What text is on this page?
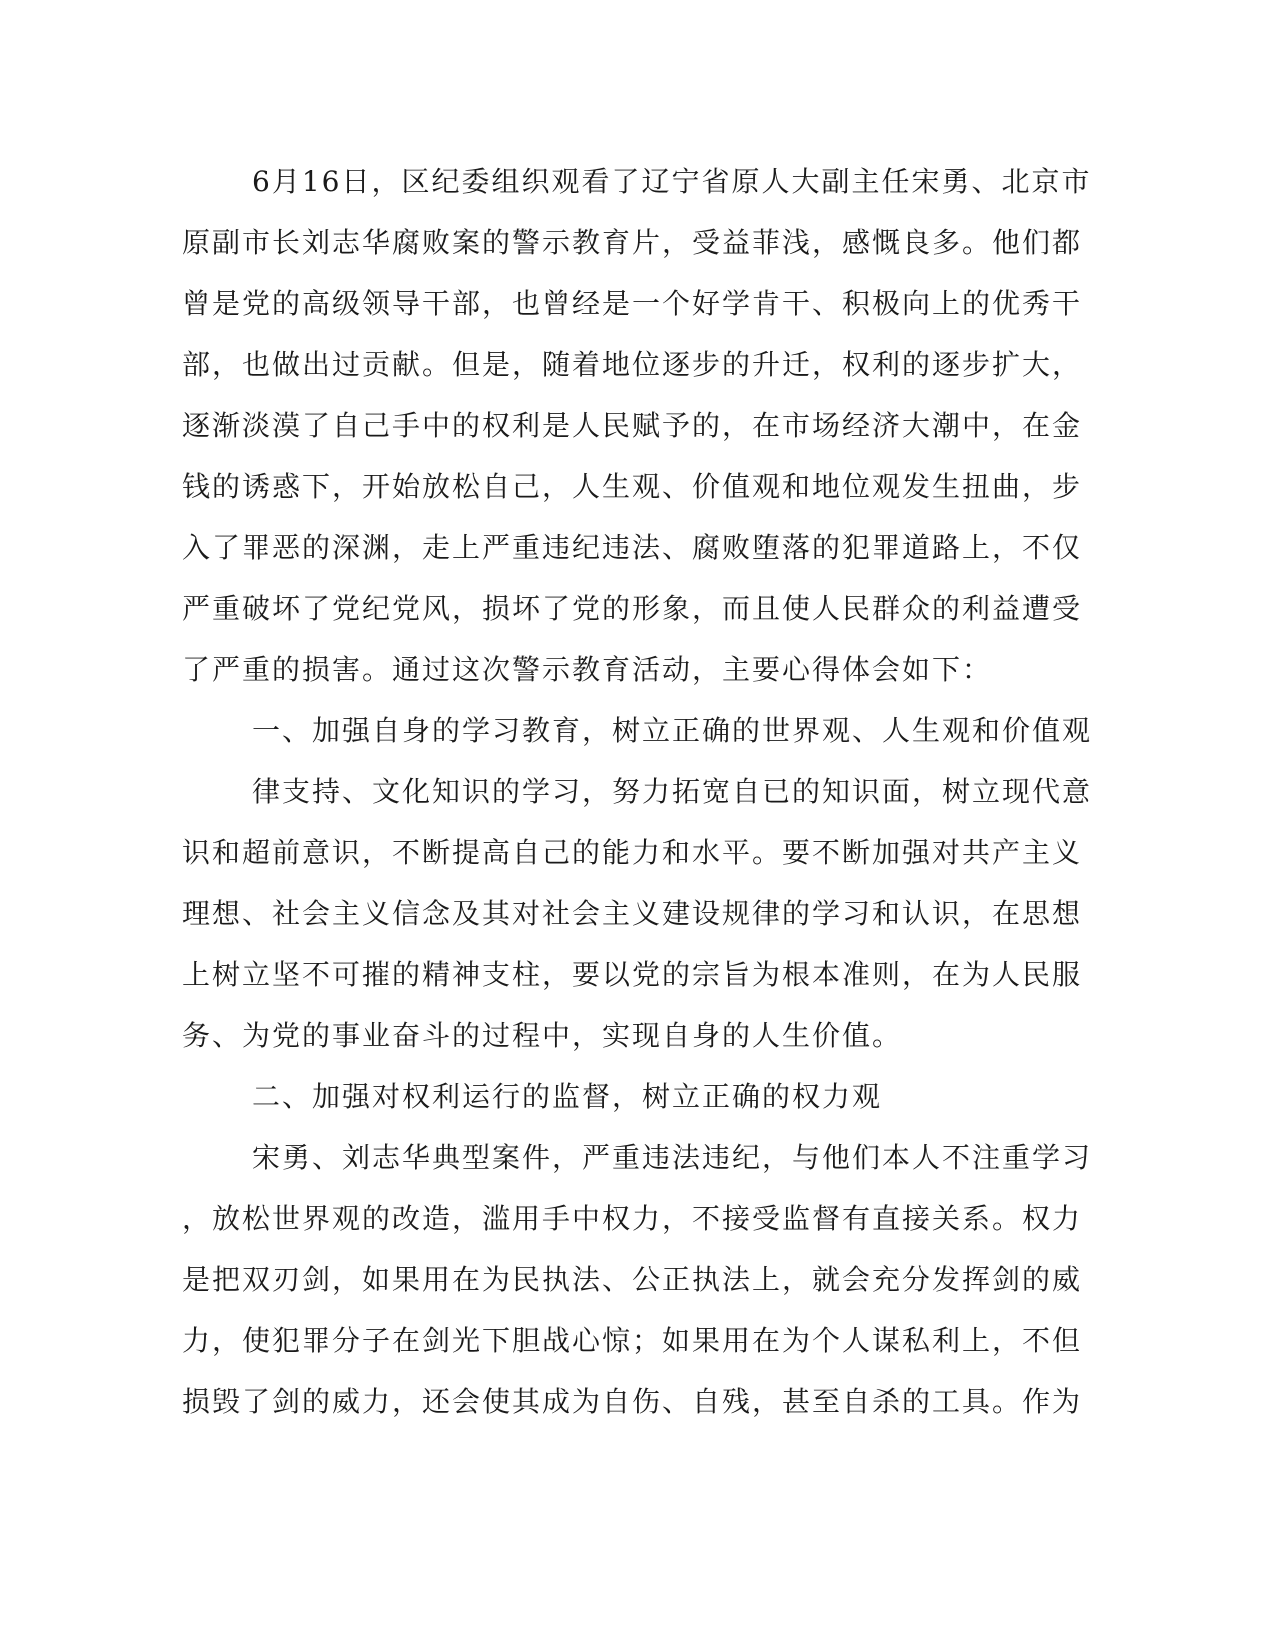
6月16日，区纪委组织观看了辽宁省原人大副主任宋勇、北京市
原副市长刘志华腐败案的警示教育片，受益菲浅，感慨良多。他们都
曾是党的高级领导干部，也曾经是一个好学肯干、积极向上的优秀干
部，也做出过贡献。但是，随着地位逐步的升迁，权利的逐步扩大，
逐渐淡漠了自己手中的权利是人民赋予的，在市场经济大潮中，在金
钱的诱惑下，开始放松自己，人生观、价值观和地位观发生扭曲，步
入了罪恶的深渊，走上严重违纪违法、腐败堕落的犯罪道路上，不仅
严重破坏了党纪党风，损坏了党的形象，而且使人民群众的利益遭受
了严重的损害。通过这次警示教育活动，主要心得体会如下：
一、加强自身的学习教育，树立正确的世界观、人生观和价值观
律支持、文化知识的学习，努力拓宽自已的知识面，树立现代意
识和超前意识，不断提高自己的能力和水平。要不断加强对共产主义
理想、社会主义信念及其对社会主义建设规律的学习和认识，在思想
上树立坚不可摧的精神支柱，要以党的宗旨为根本准则，在为人民服
务、为党的事业奋斗的过程中，实现自身的人生价值。
二、加强对权利运行的监督，树立正确的权力观
宋勇、刘志华典型案件，严重违法违纪，与他们本人不注重学习
，放松世界观的改造，滥用手中权力，不接受监督有直接关系。权力
是把双刃剑，如果用在为民执法、公正执法上，就会充分发挥剑的威
力，使犯罪分子在剑光下胆战心惊；如果用在为个人谋私利上，不但
损毁了剑的威力，还会使其成为自伤、自残，甚至自杀的工具。作为
